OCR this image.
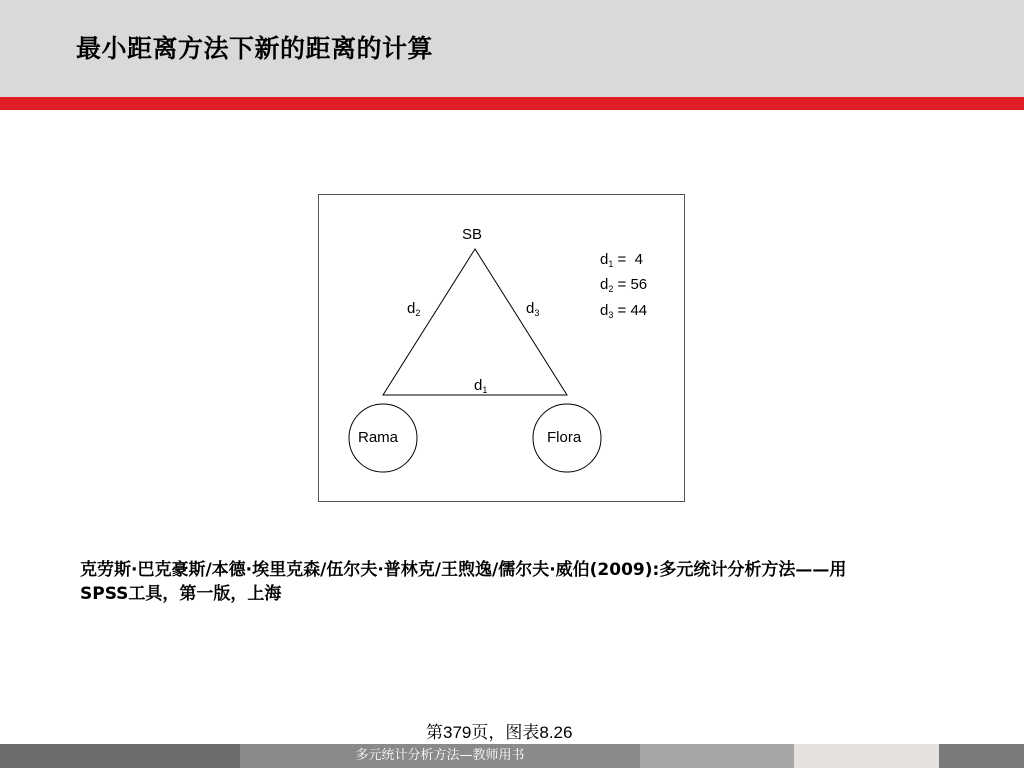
最小距离方法下新的距离的计算
SB
Rama	Flora
$d_2$	$d_3$
$d_1$
$d_1 = 4$
$d_2 = 56$
$d_3 = 44$
克劳斯·巴克豪斯/本德·埃里克森/伍尔夫·普林克/王煦逸/儒尔夫·威伯(2009):多元统计分析方法——用
SPSS工具，第一版，上海
第379页，图表8.26
多元统计分析方法—教师用书
